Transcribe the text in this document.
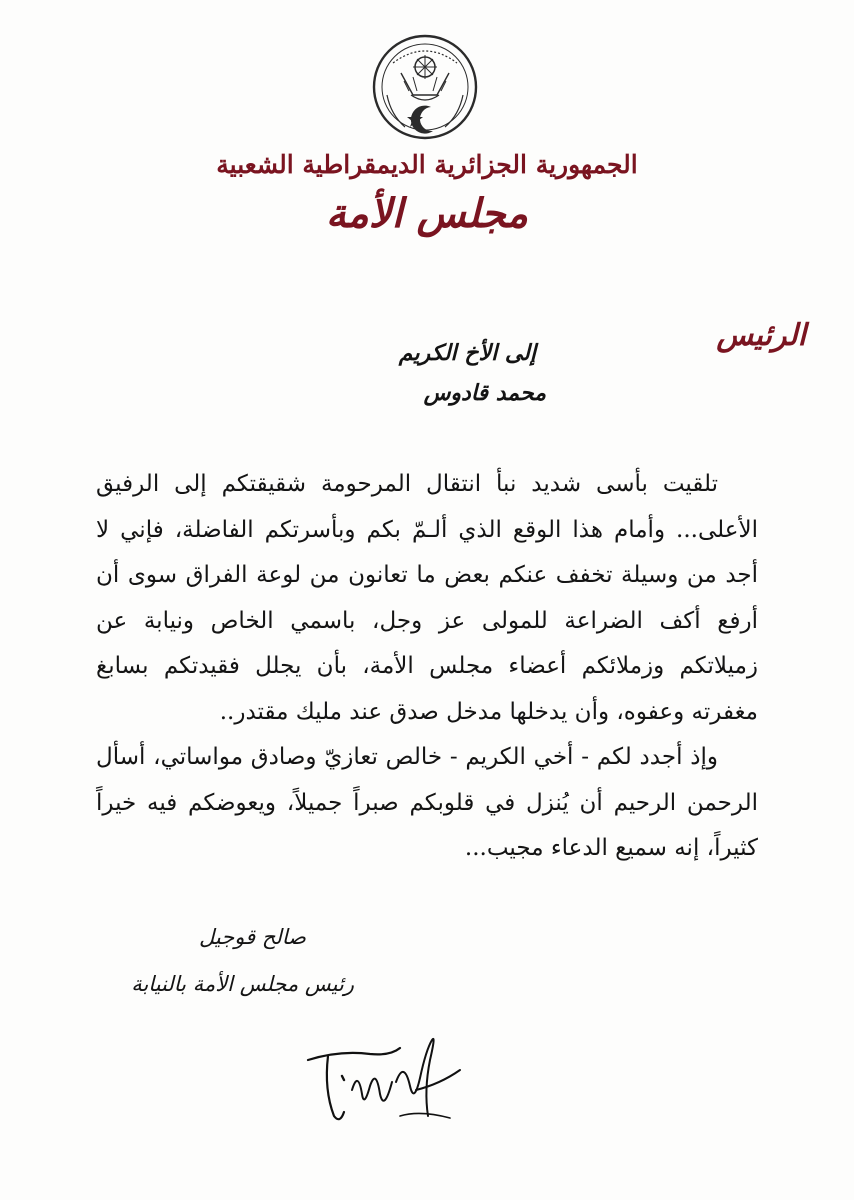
الجمهورية الجزائرية الديمقراطية الشعبية
مجلس الأمة
الرئيس
إلى الأخ الكريم
محمد قادوس

تلقيت بأسى شديد نبأ انتقال المرحومة شقيقتكم إلى الرفيق الأعلى... وأمام هذا الوقع الذي ألـمّ بكم وبأسرتكم الفاضلة، فإني لا أجد من وسيلة تخفف عنكم بعض ما تعانون من لوعة الفراق سوى أن أرفع أكف الضراعة للمولى عز وجل، باسمي الخاص ونيابة عن زميلاتكم وزملائكم أعضاء مجلس الأمة، بأن يجلل فقيدتكم بسابغ مغفرته وعفوه، وأن يدخلها مدخل صدق عند مليك مقتدر..

وإذ أجدد لكم - أخي الكريم - خالص تعازيّ وصادق مواساتي، أسأل الرحمن الرحيم أن يُنزل في قلوبكم صبراً جميلاً، ويعوضكم فيه خيراً كثيراً، إنه سميع الدعاء مجيب...

صالح قوجيل
رئيس مجلس الأمة بالنيابة
